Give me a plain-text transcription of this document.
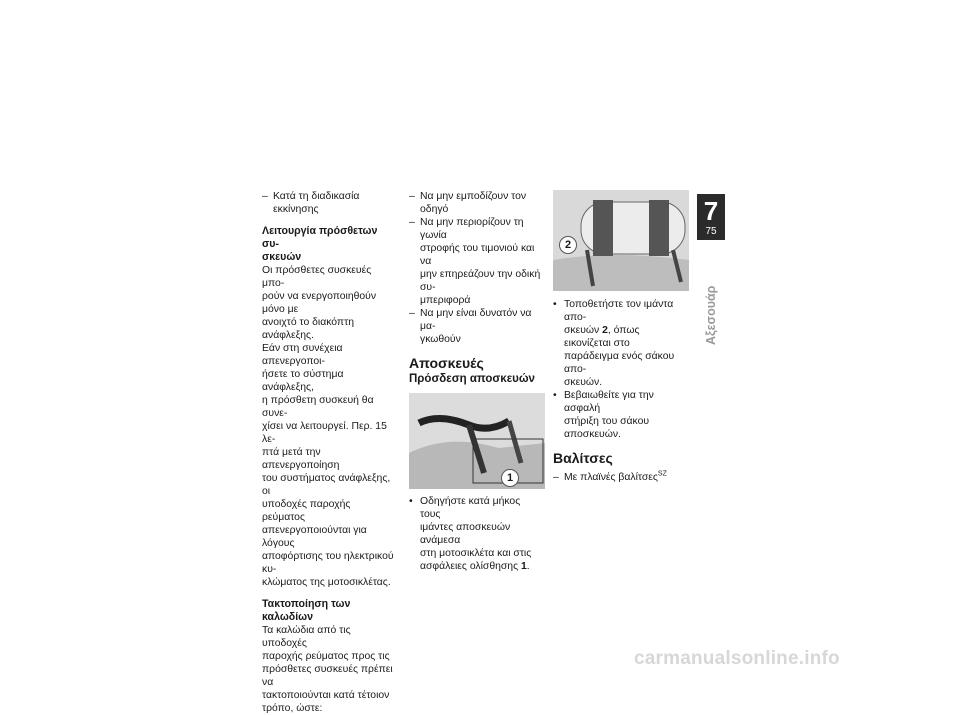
– Κατά τη διαδικασία εκκίνησης

Λειτουργία πρόσθετων συ-
σκευών

Οι πρόσθετες συσκευές μπο-
ρούν να ενεργοποιηθούν μόνο με
ανοιχτό το διακόπτη ανάφλεξης.
Εάν στη συνέχεια απενεργοποι-
ήσετε το σύστημα ανάφλεξης,
η πρόσθετη συσκευή θα συνε-
χίσει να λειτουργεί. Περ. 15 λε-
πτά μετά την απενεργοποίηση
του συστήματος ανάφλεξης, οι
υποδοχές παροχής ρεύματος
απενεργοποιούνται για λόγους
αποφόρτισης του ηλεκτρικού κυ-
κλώματος της μοτοσικλέτας.

Τακτοποίηση των καλωδίων

Τα καλώδια από τις υποδοχές
παροχής ρεύματος προς τις
πρόσθετες συσκευές πρέπει να
τακτοποιούνται κατά τέτοιον
τρόπο, ώστε:

– Να μην εμποδίζουν τον οδηγό

– Να μην περιορίζουν τη γωνία
στροφής του τιμονιού και να
μην επηρεάζουν την οδική συ-
μπεριφορά

– Να μην είναι δυνατόν να μα-
γκωθούν

Αποσκευές

Πρόσδεση αποσκευών

1

• Οδηγήστε κατά μήκος τους
ιμάντες αποσκευών ανάμεσα
στη μοτοσικλέτα και στις
ασφάλειες ολίσθησης 1.

2

• Τοποθετήστε τον ιμάντα απο-
σκευών 2, όπως εικονίζεται στο
παράδειγμα ενός σάκου απο-
σκευών.

• Βεβαιωθείτε για την ασφαλή
στήριξη του σάκου αποσκευών.

Βαλίτσες

– Με πλαϊνές βαλίτσες$^{SZ}$

7
75
Αξεσουάρ
carmanualsonline.info
